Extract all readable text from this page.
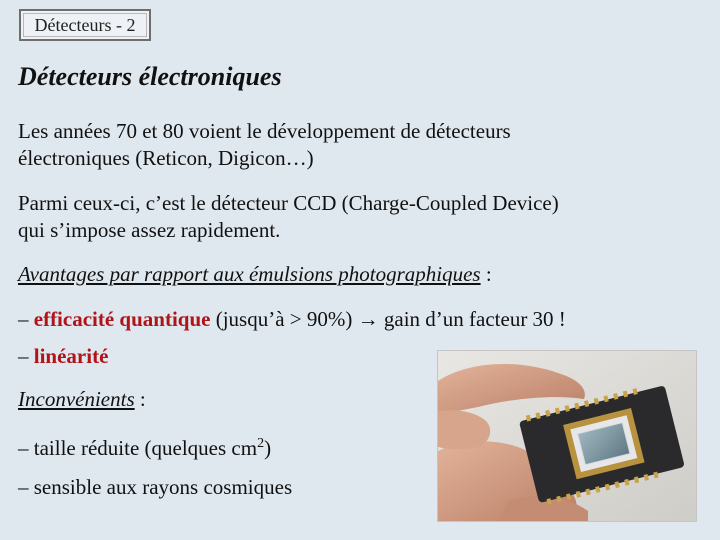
Détecteurs - 2
Détecteurs électroniques

Les années 70 et 80 voient le développement de détecteurs
électroniques (Reticon, Digicon…)

Parmi ceux-ci, c’est le détecteur CCD (Charge-Coupled Device)
qui s’impose assez rapidement.

Avantages par rapport aux émulsions photographiques :

– efficacité quantique (jusqu’à > 90%) → gain d’un facteur 30 !

– linéarité

Inconvénients :

– taille réduite (quelques $cm^2$)

– sensible aux rayons cosmiques
